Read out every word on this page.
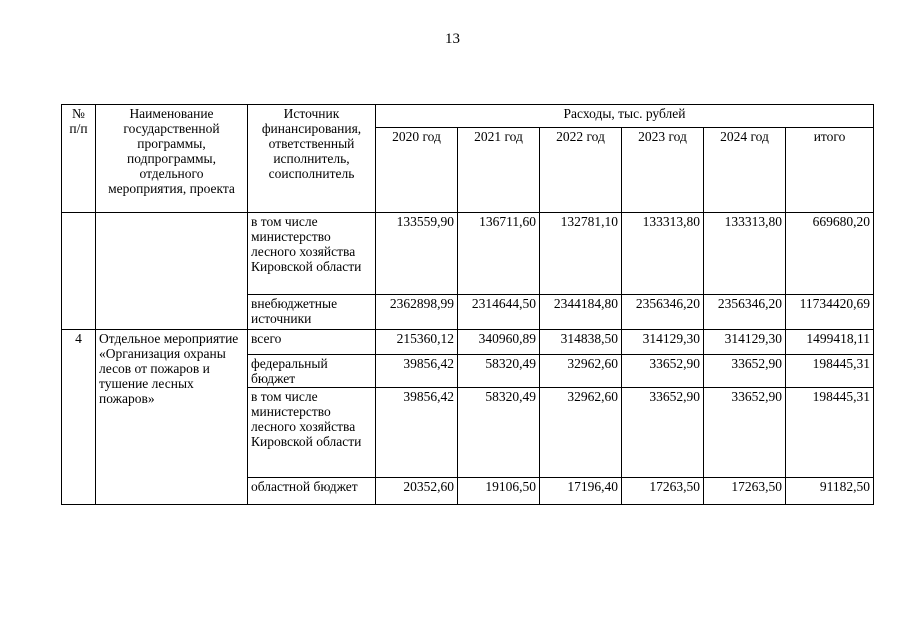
13
№ п/п	Наименование государственной программы, подпрограммы, отдельного мероприятия, проекта	Источник финансирования, ответственный исполнитель, соисполнитель	Расходы, тыс. рублей					
			2020 год	2021 год	2022 год	2023 год	2024 год	итого
		в том числе министерство лесного хозяйства Кировской области	133559,90	136711,60	132781,10	133313,80	133313,80	669680,20
		внебюджетные источники	2362898,99	2314644,50	2344184,80	2356346,20	2356346,20	11734420,69
4	Отдельное мероприятие «Организация охраны лесов от пожаров и тушение лесных пожаров»	всего	215360,12	340960,89	314838,50	314129,30	314129,30	1499418,11
		федеральный бюджет	39856,42	58320,49	32962,60	33652,90	33652,90	198445,31
		в том числе министерство лесного хозяйства Кировской области	39856,42	58320,49	32962,60	33652,90	33652,90	198445,31
		областной бюджет	20352,60	19106,50	17196,40	17263,50	17263,50	91182,50
